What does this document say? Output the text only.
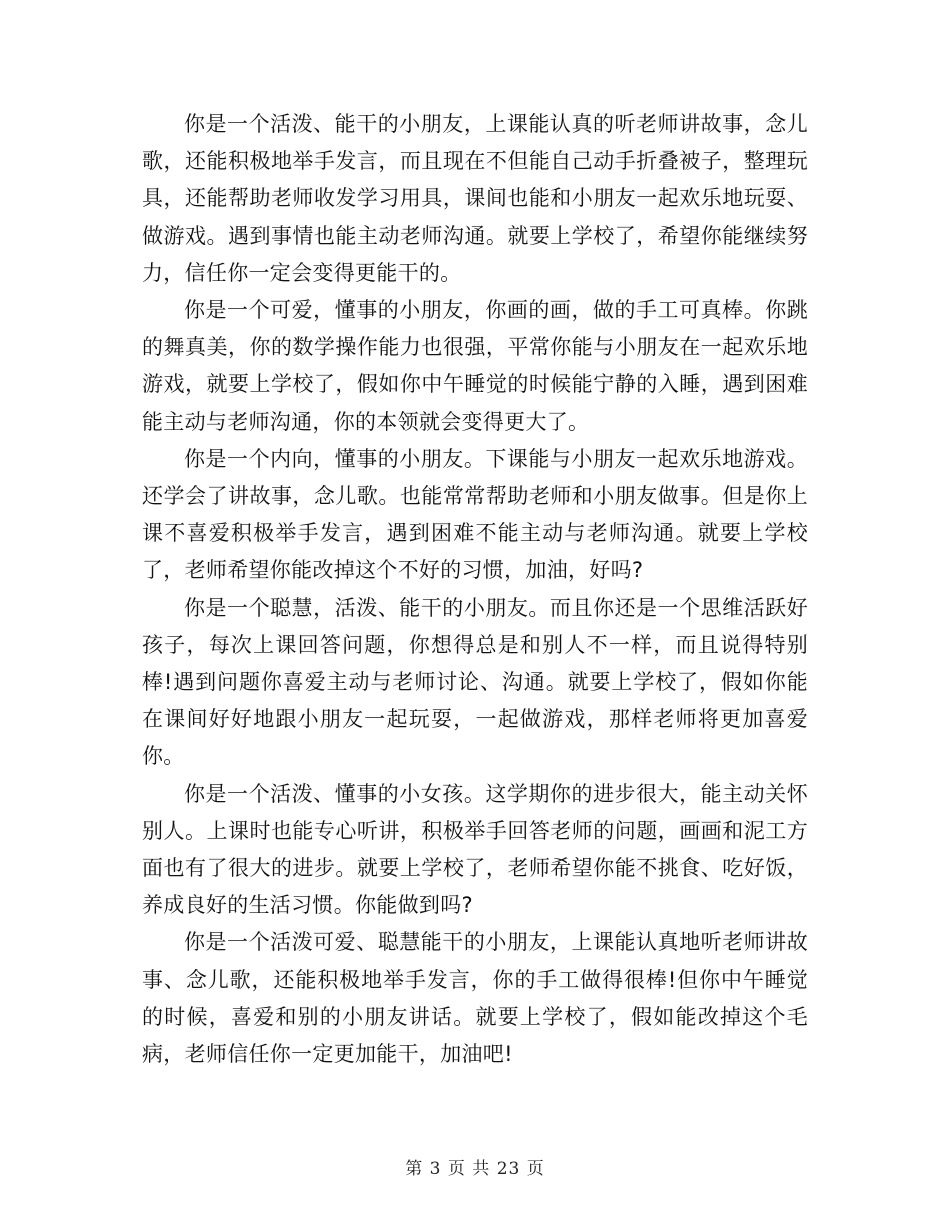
你是一个活泼、能干的小朋友，上课能认真的听老师讲故事，念儿歌，还能积极地举手发言，而且现在不但能自己动手折叠被子，整理玩具，还能帮助老师收发学习用具，课间也能和小朋友一起欢乐地玩耍、做游戏。遇到事情也能主动老师沟通。就要上学校了，希望你能继续努力，信任你一定会变得更能干的。

你是一个可爱，懂事的小朋友，你画的画，做的手工可真棒。你跳的舞真美，你的数学操作能力也很强，平常你能与小朋友在一起欢乐地游戏，就要上学校了，假如你中午睡觉的时候能宁静的入睡，遇到困难能主动与老师沟通，你的本领就会变得更大了。

你是一个内向，懂事的小朋友。下课能与小朋友一起欢乐地游戏。还学会了讲故事，念儿歌。也能常常帮助老师和小朋友做事。但是你上课不喜爱积极举手发言，遇到困难不能主动与老师沟通。就要上学校了，老师希望你能改掉这个不好的习惯，加油，好吗?

你是一个聪慧，活泼、能干的小朋友。而且你还是一个思维活跃好孩子，每次上课回答问题，你想得总是和别人不一样，而且说得特别棒!遇到问题你喜爱主动与老师讨论、沟通。就要上学校了，假如你能在课间好好地跟小朋友一起玩耍，一起做游戏，那样老师将更加喜爱你。

你是一个活泼、懂事的小女孩。这学期你的进步很大，能主动关怀别人。上课时也能专心听讲，积极举手回答老师的问题，画画和泥工方面也有了很大的进步。就要上学校了，老师希望你能不挑食、吃好饭，养成良好的生活习惯。你能做到吗?

你是一个活泼可爱、聪慧能干的小朋友，上课能认真地听老师讲故事、念儿歌，还能积极地举手发言，你的手工做得很棒!但你中午睡觉的时候，喜爱和别的小朋友讲话。就要上学校了，假如能改掉这个毛病，老师信任你一定更加能干，加油吧!

第 3 页 共 23 页
